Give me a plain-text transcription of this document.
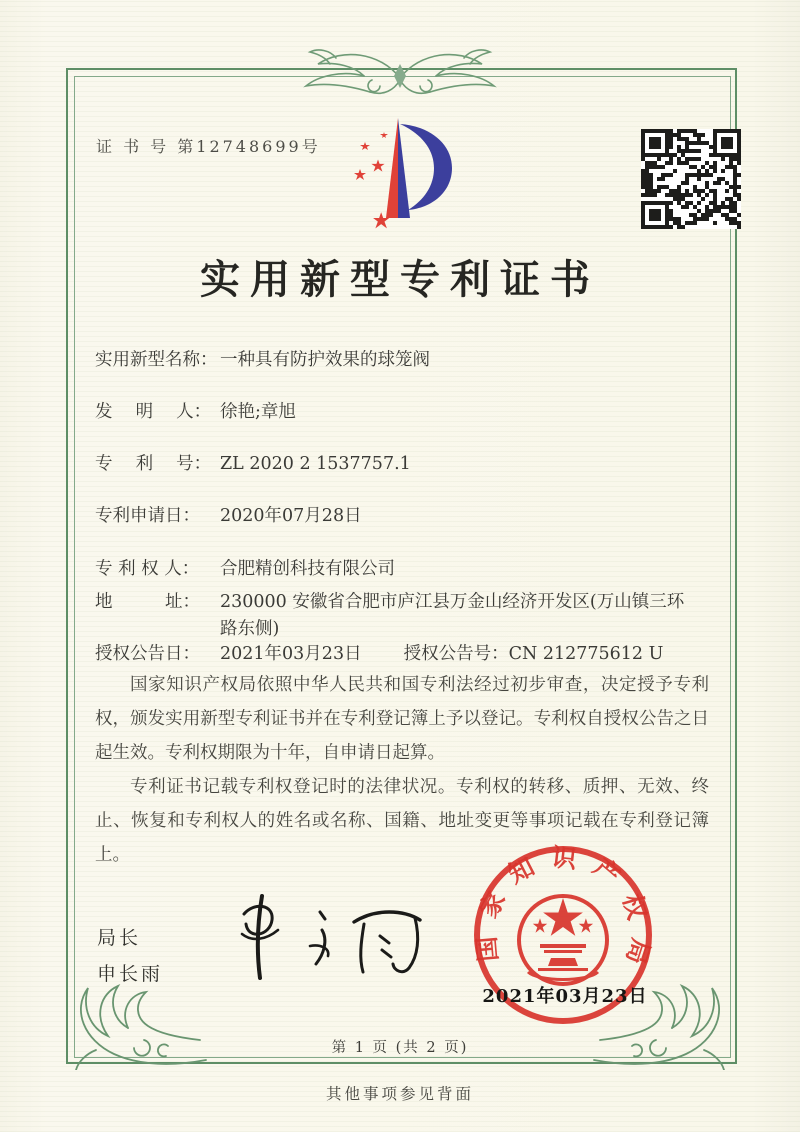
证 书 号 第12748699号
实用新型专利证书
实用新型名称： 一种具有防护效果的球笼阀
发　 明 　人： 徐艳;章旭
专　 利 　号： ZL 2020 2 1537757.1
专利申请日：	2020年07月28日
专 利 权 人：	合肥精创科技有限公司
地　　　址：	230000 安徽省合肥市庐江县万金山经济开发区(万山镇三环路东侧)
授权公告日：	2021年03月23日 授权公告号： CN 212775612 U

国家知识产权局依照中华人民共和国专利法经过初步审查，决定授予专利权，颁发实用新型专利证书并在专利登记簿上予以登记。专利权自授权公告之日起生效。专利权期限为十年，自申请日起算。

专利证书记载专利权登记时的法律状况。专利权的转移、质押、无效、终止、恢复和专利权人的姓名或名称、国籍、地址变更等事项记载在专利登记簿上。

局长
申长雨
国家知识产权局
2021年03月23日
第 1 页 (共 2 页)
其他事项参见背面
